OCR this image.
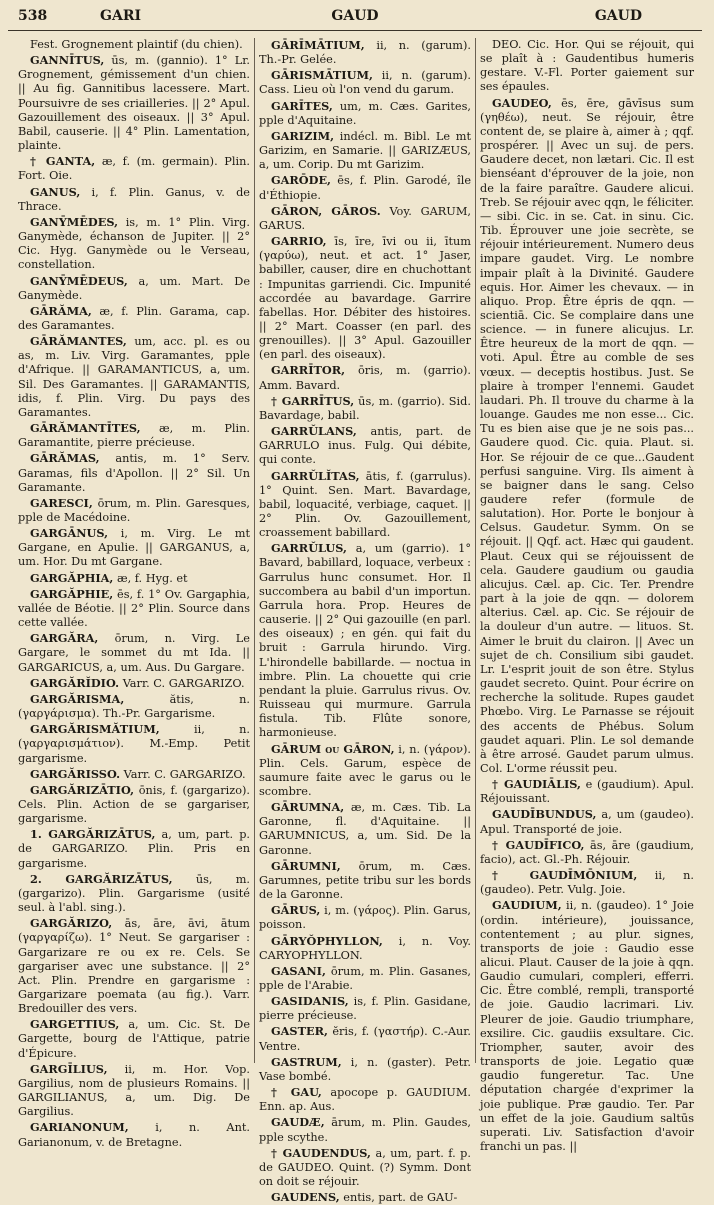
538	GARI	GAUD	GAUD

Fest. Grognement plaintif (du chien).

GANNĪTUS, ūs, m. (gannio). 1° Lr. Grognement, gémissement d'un chien. || Au fig. Gannitibus lacessere. Mart. Poursuivre de ses criailleries. || 2° Apul. Gazouillement des oiseaux. || 3° Apul. Babil, causerie. || 4° Plin. Lamentation, plainte.

† GANTA, æ, f. (m. germain). Plin. Fort. Oie.

GANUS, i, f. Plin. Ganus, v. de Thrace.

GANȲMĒDES, is, m. 1° Plin. Virg. Ganymède, échanson de Jupiter. || 2° Cic. Hyg. Ganymède ou le Verseau, constellation.

GANȲMĒDEUS, a, um. Mart. De Ganymède.

GĀRĂMA, æ, f. Plin. Garama, cap. des Garamantes.

GĀRĂMANTES, um, acc. pl. es ou as, m. Liv. Virg. Garamantes, pple d'Afrique. || GARAMANTICUS, a, um. Sil. Des Garamantes. || GARAMANTIS, idis, f. Plin. Virg. Du pays des Garamantes.

GĀRĂMANTĪTES, æ, m. Plin. Garamantite, pierre précieuse.

GĀRĂMAS, antis, m. 1° Serv. Garamas, fils d'Apollon. || 2° Sil. Un Garamante.

GARESCI, ōrum, m. Plin. Garesques, pple de Macédoine.

GARGĀNUS, i, m. Virg. Le mt Gargane, en Apulie. || GARGANUS, a, um. Hor. Du mt Gargane.

GARGĂPHIA, æ, f. Hyg. et

GARGĂPHIE, ēs, f. 1° Ov. Gargaphia, vallée de Béotie. || 2° Plin. Source dans cette vallée.

GARGĂRA, ōrum, n. Virg. Le Gargare, le sommet du mt Ida. || GARGARICUS, a, um. Aus. Du Gargare.

GARGĂRĬDIO. Varr. C. GARGARIZO.

GARGĂRISMA,	ătis, n. (γαργάρισμα). Th.-Pr. Gargarisme.

GARGĂRISMĂTIUM,	ii, n. (γαργαρισμάτιον). M.-Emp. Petit gargarisme.

GARGĂRISSO. Varr. C. GARGARIZO.

GARGĂRIZĀTIO, ōnis, f. (gargarizo). Cels. Plin. Action de se gargariser, gargarisme.

1. GARGĂRIZĀTUS, a, um, part. p. de GARGARIZO. Plin. Pris en gargarisme.

2. GARGĂRIZĀTUS, ūs, m. (gargarizo). Plin. Gargarisme (usité seul. à l'abl. sing.).

GARGĂRIZO, ās, āre, āvi, ātum (γαργαρίζω). 1° Neut. Se gargariser : Gargarizare re ou ex re. Cels. Se gargariser avec une substance. || 2° Act. Plin. Prendre en gargarisme : Gargarizare poemata (au fig.). Varr. Bredouiller des vers.

GARGETTIUS, a, um. Cic. St. De Gargette, bourg de l'Attique, patrie d'Épicure.

GARGĪLIUS, ii, m. Hor. Vop. Gargilius, nom de plusieurs Romains. || GARGILIANUS, a, um. Dig. De Gargilius.

GARIANONUM, i, n. Ant. Garianonum, v. de Bretagne.

GĀRĪMĀTIUM, ii, n. (garum). Th.-Pr. Gelée.

GĀRISMĀTIUM, ii, n. (garum). Cass. Lieu où l'on vend du garum.

GARĪTES, um, m. Cæs. Garites, pple d'Aquitaine.

GARIZIM, indécl. m. Bibl. Le mt Garizim, en Samarie. || GARIZÆUS, a, um. Corip. Du mt Garizim.

GARŌDE, ēs, f. Plin. Garodé, île d'Éthiopie.

GĀRON, GĀROS. Voy. GARUM, GARUS.

GARRIO, īs, īre, īvi ou ii, ītum (γαρύω), neut. et act. 1° Jaser, babiller, causer, dire en chuchottant : Impunitas garriendi. Cic. Impunité accordée au bavardage. Garrire fabellas. Hor. Débiter des histoires. || 2° Mart. Coasser (en parl. des grenouilles). || 3° Apul. Gazouiller (en parl. des oiseaux).

GARRĪTOR, ōris, m. (garrio). Amm. Bavard.

† GARRĪTUS, ūs, m. (garrio). Sid. Bavardage, babil.

GARRŬLANS, antis, part. de GARRULO inus. Fulg. Qui débite, qui conte.

GARRŬLĬTAS, ātis, f. (garrulus). 1° Quint. Sen. Mart. Bavardage, babil, loquacité, verbiage, caquet. || 2° Plin. Ov. Gazouillement, croassement babillard.

GARRŬLUS, a, um (garrio). 1° Bavard, babillard, loquace, verbeux : Garrulus hunc consumet. Hor. Il succombera au babil d'un importun. Garrula hora. Prop. Heures de causerie. || 2° Qui gazouille (en parl. des oiseaux) ; en gén. qui fait du bruit : Garrula hirundo. Virg. L'hirondelle babillarde. — noctua in imbre. Plin. La chouette qui crie pendant la pluie. Garrulus rivus. Ov. Ruisseau qui murmure. Garrula fistula. Tib. Flûte sonore, harmonieuse.

GĀRUM ou GĀRON, i, n. (γάρον). Plin. Cels. Garum, espèce de saumure faite avec le garus ou le scombre.

GĀRUMNA, æ, m. Cæs. Tib. La Garonne, fl. d'Aquitaine. || GARUMNICUS, a, um. Sid. De la Garonne.

GĀRUMNI, ōrum, m. Cæs. Garumnes, petite tribu sur les bords de la Garonne.

GĀRUS, i, m. (γάρος). Plin. Garus, poisson.

GĀRYŎPHYLLON, i, n. Voy. CARYOPHYLLON.

GASANI, ōrum, m. Plin. Gasanes, pple de l'Arabie.

GASIDANIS, is, f. Plin. Gasidane, pierre précieuse.

GASTER, ĕris, f. (γαστήρ). C.-Aur. Ventre.

GASTRUM, i, n. (gaster). Petr. Vase bombé.

† GAU, apocope p. GAUDIUM. Enn. ap. Aus.

GAUDÆ, ārum, m. Plin. Gaudes, pple scythe.

† GAUDENDUS, a, um, part. f. p. de GAUDEO. Quint. (?) Symm. Dont on doit se réjouir.

GAUDENS, entis, part. de GAU-

DEO. Cic. Hor. Qui se réjouit, qui se plaît à : Gaudentibus humeris gestare. V.-Fl. Porter gaiement sur ses épaules.

GAUDEO, ēs, ēre, gāvīsus sum (γηθέω), neut. Se réjouir, être content de, se plaire à, aimer à ; qqf. prospérer. || Avec un suj. de pers. Gaudere decet, non lætari. Cic. Il est bienséant d'éprouver de la joie, non de la faire paraître. Gaudere alicui. Treb. Se réjouir avec qqn, le féliciter. — sibi. Cic. in se. Cat. in sinu. Cic. Tib. Éprouver une joie secrète, se réjouir intérieurement. Numero deus impare gaudet. Virg. Le nombre impair plaît à la Divinité. Gaudere equis. Hor. Aimer les chevaux. — in aliquo. Prop. Être épris de qqn. — scientiā. Cic. Se complaire dans une science. — in funere alicujus. Lr. Être heureux de la mort de qqn. — voti. Apul. Être au comble de ses vœux. — deceptis hostibus. Just. Se plaire à tromper l'ennemi. Gaudet laudari. Ph. Il trouve du charme à la louange. Gaudes me non esse... Cic. Tu es bien aise que je ne sois pas... Gaudere quod. Cic. quia. Plaut. si. Hor. Se réjouir de ce que...Gaudent perfusi sanguine. Virg. Ils aiment à se baigner dans le sang. Celso gaudere refer (formule de salutation). Hor. Porte le bonjour à Celsus. Gaudetur. Symm. On se réjouit. || Qqf. act. Hæc qui gaudent. Plaut. Ceux qui se réjouissent de cela. Gaudere gaudium ou gaudia alicujus. Cæl. ap. Cic. Ter. Prendre part à la joie de qqn. — dolorem alterius. Cæl. ap. Cic. Se réjouir de la douleur d'un autre. — lituos. St. Aimer le bruit du clairon. || Avec un sujet de ch. Consilium sibi gaudet. Lr. L'esprit jouit de son être. Stylus gaudet secreto. Quint. Pour écrire on recherche la solitude. Rupes gaudet Phœbo. Virg. Le Parnasse se réjouit des accents de Phébus. Solum gaudet aquari. Plin. Le sol demande à être arrosé. Gaudet parum ulmus. Col. L'orme réussit peu.

† GAUDIĀLIS, e (gaudium). Apul. Réjouissant.

GAUDĪBUNDUS, a, um (gaudeo). Apul. Transporté de joie.

† GAUDĪFICO, ās, āre (gaudium, facio), act. Gl.-Ph. Réjouir.

† GAUDĪMŌNIUM, ii, n. (gaudeo). Petr. Vulg. Joie.

GAUDIUM, ii, n. (gaudeo). 1° Joie (ordin. intérieure), jouissance, contentement ; au plur. signes, transports de joie : Gaudio esse alicui. Plaut. Causer de la joie à qqn. Gaudio cumulari, compleri, efferri. Cic. Être comblé, rempli, transporté de joie. Gaudio lacrimari. Liv. Pleurer de joie. Gaudio triumphare, exsilire. Cic. gaudiis exsultare. Cic. Triompher, sauter, avoir des transports de joie. Legatio quæ gaudio fungeretur. Tac. Une députation chargée d'exprimer la joie publique. Præ gaudio. Ter. Par un effet de la joie. Gaudium saltūs superati. Liv. Satisfaction d'avoir franchi un pas. ||
